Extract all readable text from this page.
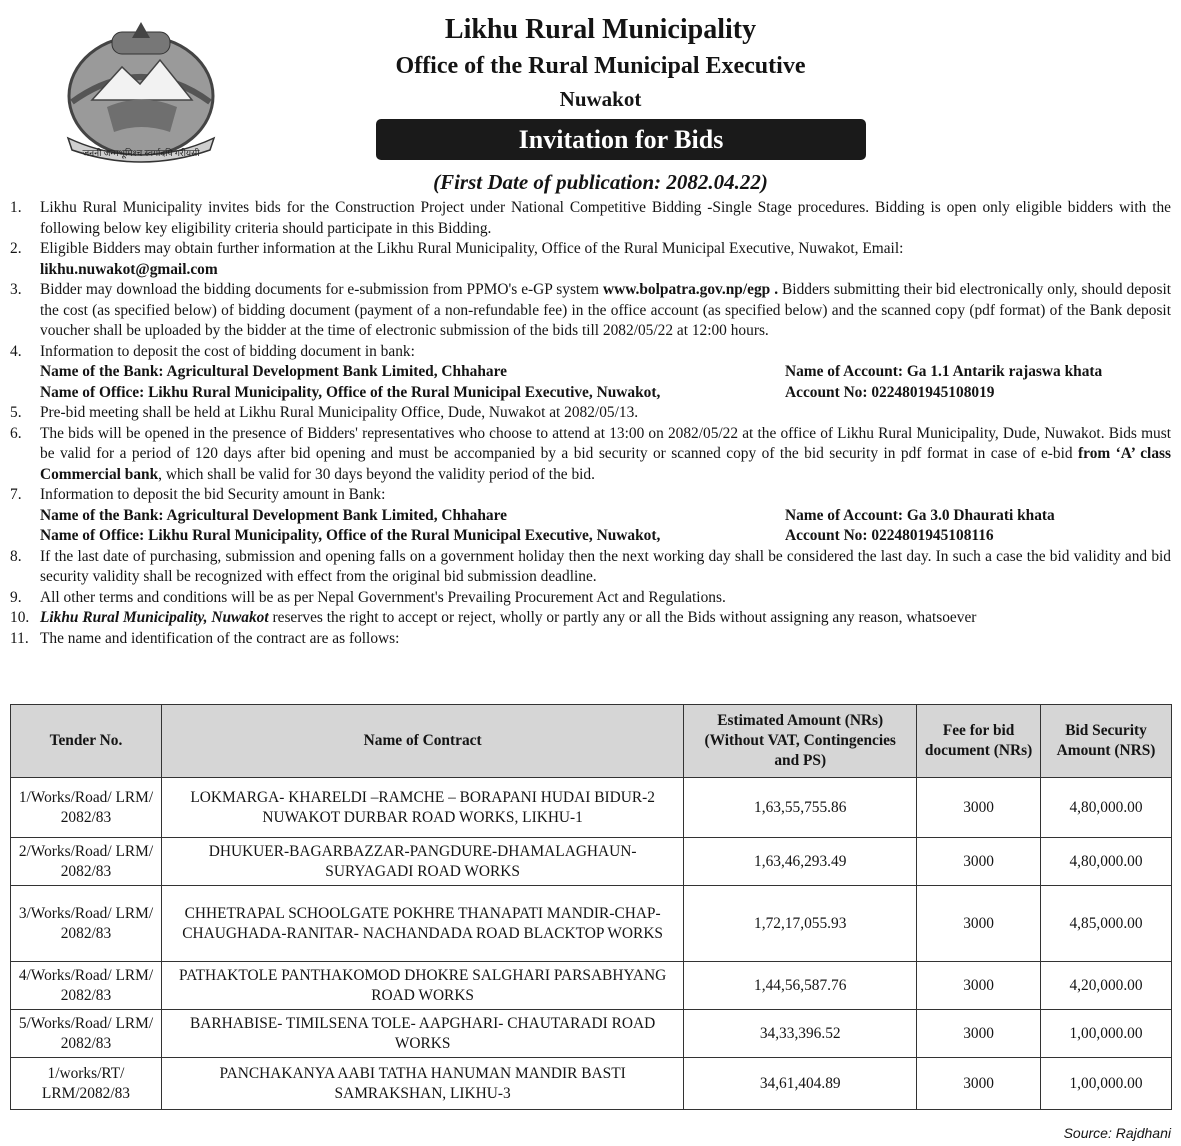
जननी जन्मभूमिश्च स्वर्गादपि गरीयसी
Likhu Rural Municipality
Office of the Rural Municipal Executive
Nuwakot
Invitation for Bids
(First Date of publication: 2082.04.22)
1.	Likhu Rural Municipality invites bids for the Construction Project under National Competitive Bidding -Single Stage procedures. Bidding is open only eligible bidders with the following below key eligibility criteria should participate in this Bidding.
2.	Eligible Bidders may obtain further information at the Likhu Rural Municipality, Office of the Rural Municipal Executive, Nuwakot, Email:
likhu.nuwakot@gmail.com
3.	Bidder may download the bidding documents for e-submission from PPMO's e-GP system www.bolpatra.gov.np/egp . Bidders submitting their bid electronically only, should deposit the cost (as specified below) of bidding document (payment of a non-refundable fee) in the office account (as specified below) and the scanned copy (pdf format) of the Bank deposit voucher shall be uploaded by the bidder at the time of electronic submission of the bids till 2082/05/22 at 12:00 hours.
4.	Information to deposit the cost of bidding document in bank:
Name of the Bank: Agricultural Development Bank Limited, Chhahare	Name of Account: Ga 1.1 Antarik rajaswa khata
Name of Office: Likhu Rural Municipality, Office of the Rural Municipal Executive, Nuwakot,	Account No: 0224801945108019
5.	Pre-bid meeting shall be held at Likhu Rural Municipality Office, Dude, Nuwakot at 2082/05/13.
6.	The bids will be opened in the presence of Bidders' representatives who choose to attend at 13:00 on 2082/05/22 at the office of Likhu Rural Municipality, Dude, Nuwakot. Bids must be valid for a period of 120 days after bid opening and must be accompanied by a bid security or scanned copy of the bid security in pdf format in case of e-bid from ‘A’ class Commercial bank, which shall be valid for 30 days beyond the validity period of the bid.
7.	Information to deposit the bid Security amount in Bank:
Name of the Bank: Agricultural Development Bank Limited, Chhahare	Name of Account: Ga 3.0 Dhaurati khata
Name of Office: Likhu Rural Municipality, Office of the Rural Municipal Executive, Nuwakot,	Account No: 0224801945108116
8.	If the last date of purchasing, submission and opening falls on a government holiday then the next working day shall be considered the last day. In such a case the bid validity and bid security validity shall be recognized with effect from the original bid submission deadline.
9.	All other terms and conditions will be as per Nepal Government's Prevailing Procurement Act and Regulations.
10. Likhu Rural Municipality, Nuwakot reserves the right to accept or reject, wholly or partly any or all the Bids without assigning any reason, whatsoever
11. The name and identification of the contract are as follows:
Tender No.	Name of Contract	Estimated Amount (NRs) (Without VAT, Contingencies and PS)	Fee for bid document (NRs)	Bid Security Amount (NRS)
1/Works/Road/ LRM/ 2082/83	LOKMARGA- KHARELDI –RAMCHE – BORAPANI HUDAI BIDUR-2 NUWAKOT DURBAR ROAD WORKS, LIKHU-1	1,63,55,755.86	3000	4,80,000.00
2/Works/Road/ LRM/ 2082/83	DHUKUER-BAGARBAZZAR-PANGDURE-DHAMALAGHAUN-SURYAGADI ROAD WORKS	1,63,46,293.49	3000	4,80,000.00
3/Works/Road/ LRM/ 2082/83	CHHETRAPAL SCHOOLGATE POKHRE THANAPATI MANDIR-CHAP-CHAUGHADA-RANITAR- NACHANDADA ROAD BLACKTOP WORKS	1,72,17,055.93	3000	4,85,000.00
4/Works/Road/ LRM/ 2082/83	PATHAKTOLE PANTHAKOMOD DHOKRE SALGHARI PARSABHYANG ROAD WORKS	1,44,56,587.76	3000	4,20,000.00
5/Works/Road/ LRM/ 2082/83	BARHABISE- TIMILSENA TOLE- AAPGHARI- CHAUTARADI ROAD WORKS	34,33,396.52	3000	1,00,000.00
1/works/RT/ LRM/2082/83	PANCHAKANYA AABI TATHA HANUMAN MANDIR BASTI SAMRAKSHAN, LIKHU-3	34,61,404.89	3000	1,00,000.00
Source: Rajdhani
